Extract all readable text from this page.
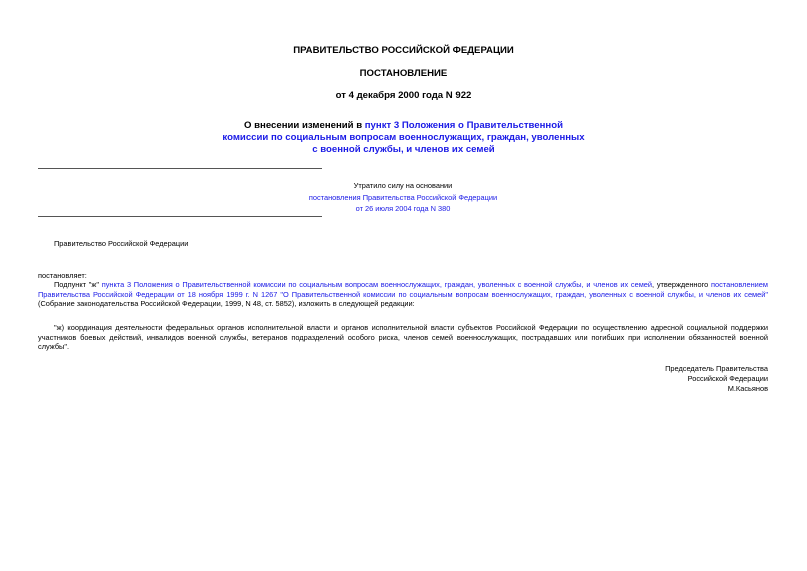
ПРАВИТЕЛЬСТВО РОССИЙСКОЙ ФЕДЕРАЦИИ
ПОСТАНОВЛЕНИЕ
от 4 декабря 2000 года N 922
О внесении изменений в пункт 3 Положения о Правительственной
комиссии по социальным вопросам военнослужащих, граждан, уволенных
с военной службы, и членов их семей
Утратило силу на основании
постановления Правительства Российской Федерации
от 26 июля 2004 года N 380
Правительство Российской Федерации
постановляет:
Подпункт "ж" пункта 3 Положения о Правительственной комиссии по социальным вопросам военнослужащих, граждан, уволенных с военной службы, и членов их семей, утвержденного постановлением Правительства Российской Федерации от 18 ноября 1999 г. N 1267 "О Правительственной комиссии по социальным вопросам военнослужащих, граждан, уволенных с военной службы, и членов их семей" (Собрание законодательства Российской Федерации, 1999, N 48, ст. 5852), изложить в следующей редакции:
"ж) координация деятельности федеральных органов исполнительной власти и органов исполнительной власти субъектов Российской Федерации по осуществлению адресной социальной поддержки участников боевых действий, инвалидов военной службы, ветеранов подразделений особого риска, членов семей военнослужащих, пострадавших или погибших при исполнении обязанностей военной службы".
Председатель Правительства
Российской Федерации
М.Касьянов
